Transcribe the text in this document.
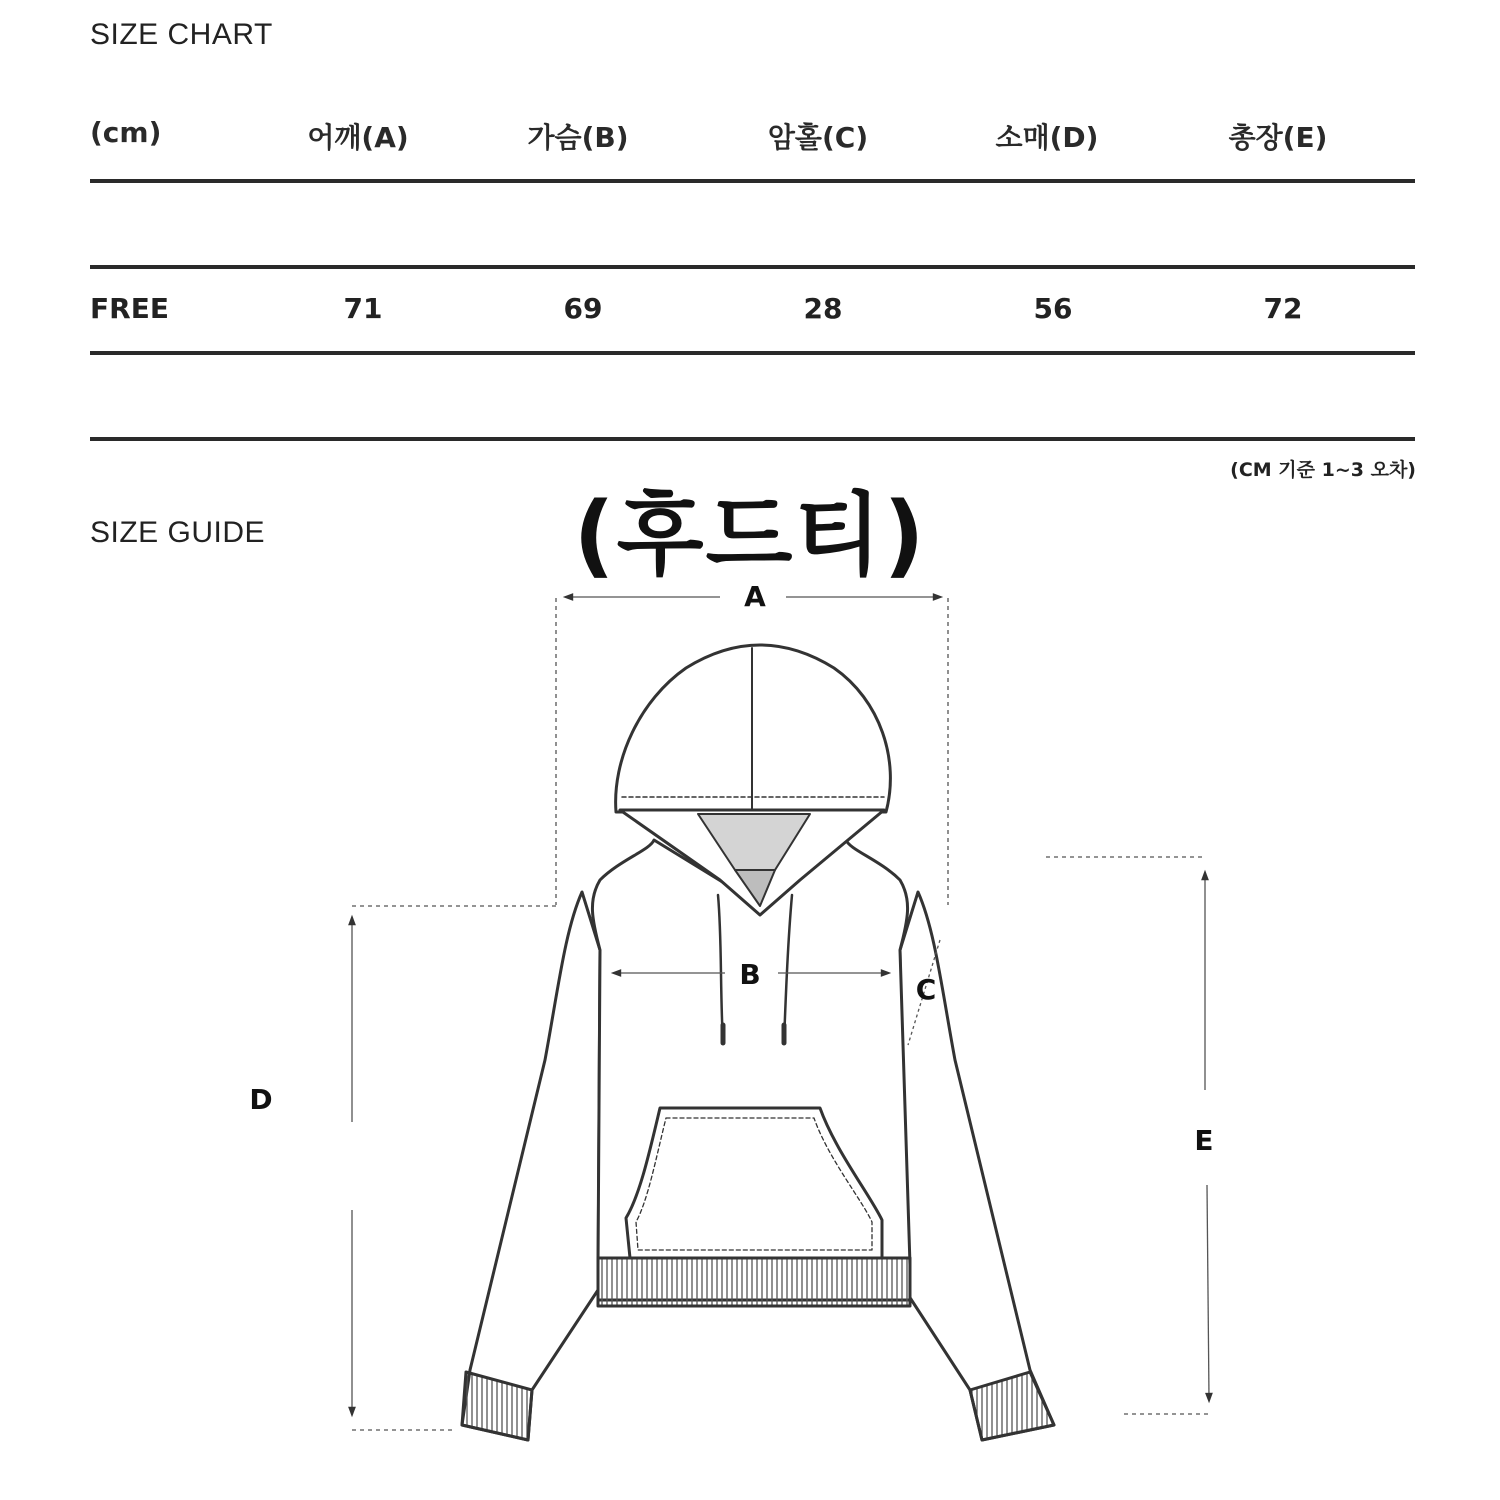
SIZE CHART
(cm)	어깨(A)	가슴(B)	암홀(C)	소매(D)	총장(E)
FREE	71	69	28	56	72
(CM 기준 1~3 오차)
SIZE GUIDE	(후드티)
A
B	C
D
E
